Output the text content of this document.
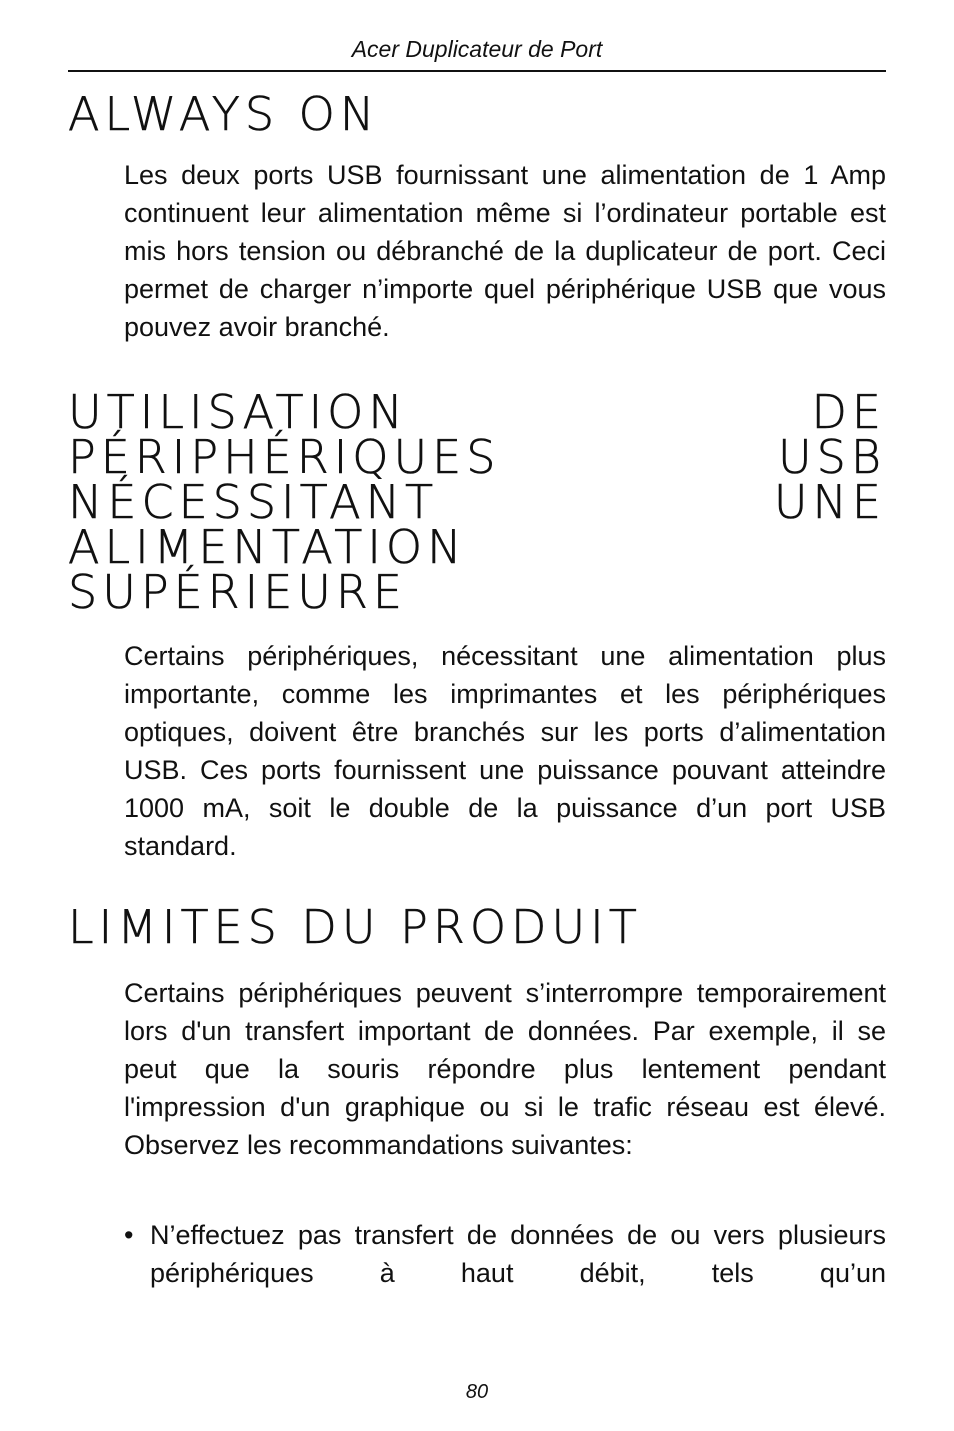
Acer Duplicateur de Port
ALWAYS ON

Les deux ports USB fournissant une alimentation de 1 Amp continuent leur alimentation même si l’ordinateur portable est mis hors tension ou débranché de la duplicateur de port. Ceci permet de charger n’importe quel périphérique USB que vous pouvez avoir branché.

UTILISATION	DE
PÉRIPHÉRIQUES	USB
NÉCESSITANT	UNE
ALIMENTATION
SUPÉRIEURE

Certains périphériques, nécessitant une alimentation plus importante, comme les imprimantes et les périphériques optiques, doivent être branchés sur les ports d’alimentation USB. Ces ports fournissent une puissance pouvant atteindre 1000 mA, soit le double de la puissance d’un port USB standard.

LIMITES DU PRODUIT

Certains périphériques peuvent s’interrompre temporairement lors d'un transfert important de données. Par exemple, il se peut que la souris répondre plus lentement pendant l'impression d'un graphique ou si le trafic réseau est élevé. Observez les recommandations suivantes:

• N’effectuez pas transfert de données de ou vers plusieurs périphériques à haut débit, tels qu’un
80
